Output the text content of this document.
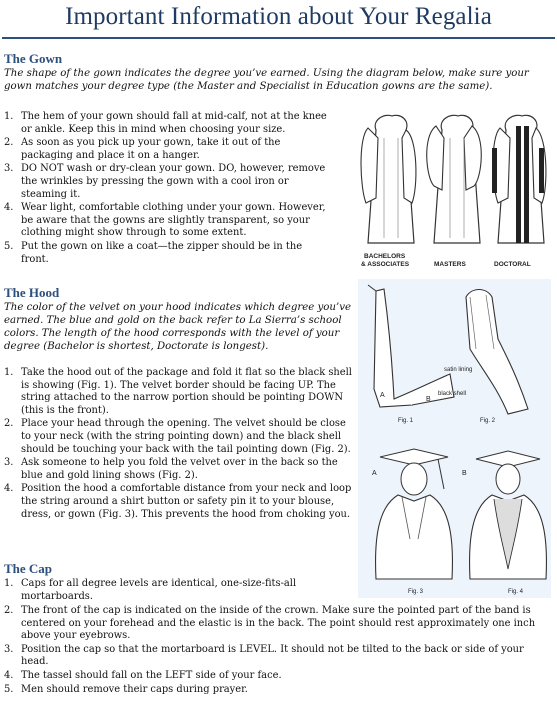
Important Information about Your Regalia
The Gown
The shape of the gown indicates the degree you’ve earned. Using the diagram below, make sure your gown matches your degree type (the Master and Specialist in Education gowns are the same).
1. The hem of your gown should fall at mid-calf, not at the knee or ankle. Keep this in mind when choosing your size.
2. As soon as you pick up your gown, take it out of the packaging and place it on a hanger.
3. DO NOT wash or dry-clean your gown. DO, however, remove the wrinkles by pressing the gown with a cool iron or steaming it.
4. Wear light, comfortable clothing under your gown. However, be aware that the gowns are slightly transparent, so your clothing might show through to some extent.
5. Put the gown on like a coat—the zipper should be in the front.	BACHELORS
& ASSOCIATES	MASTERS	DOCTORAL
The Hood
The color of the velvet on your hood indicates which degree you’ve earned. The blue and gold on the back refer to La Sierra’s school colors. The length of the hood corresponds with the level of your degree (Bachelor is shortest, Doctorate is longest).
1. Take the hood out of the package and fold it flat so the black shell is showing (Fig. 1). The velvet border should be facing UP. The string attached to the narrow portion should be pointing DOWN (this is the front).
2. Place your head through the opening. The velvet should be close to your neck (with the string pointing down) and the black shell should be touching your back with the tail pointing down (Fig. 2).
3. Ask someone to help you fold the velvet over in the back so the blue and gold lining shows (Fig. 2).
4. Position the hood a comfortable distance from your neck and loop the string around a shirt button or safety pin it to your blouse, dress, or gown (Fig. 3). This prevents the hood from choking you.
A
B
Fig. 1
satin lining
black shell
Fig. 2
A
Fig. 3
B
Fig. 4
The Cap
1. Caps for all degree levels are identical, one-size-fits-all mortarboards.
2. The front of the cap is indicated on the inside of the crown. Make sure the pointed part of the band is centered on your forehead and the elastic is in the back. The point should rest approximately one inch above your eyebrows.
3. Position the cap so that the mortarboard is LEVEL. It should not be tilted to the back or side of your head.
4. The tassel should fall on the LEFT side of your face.
5. Men should remove their caps during prayer.
